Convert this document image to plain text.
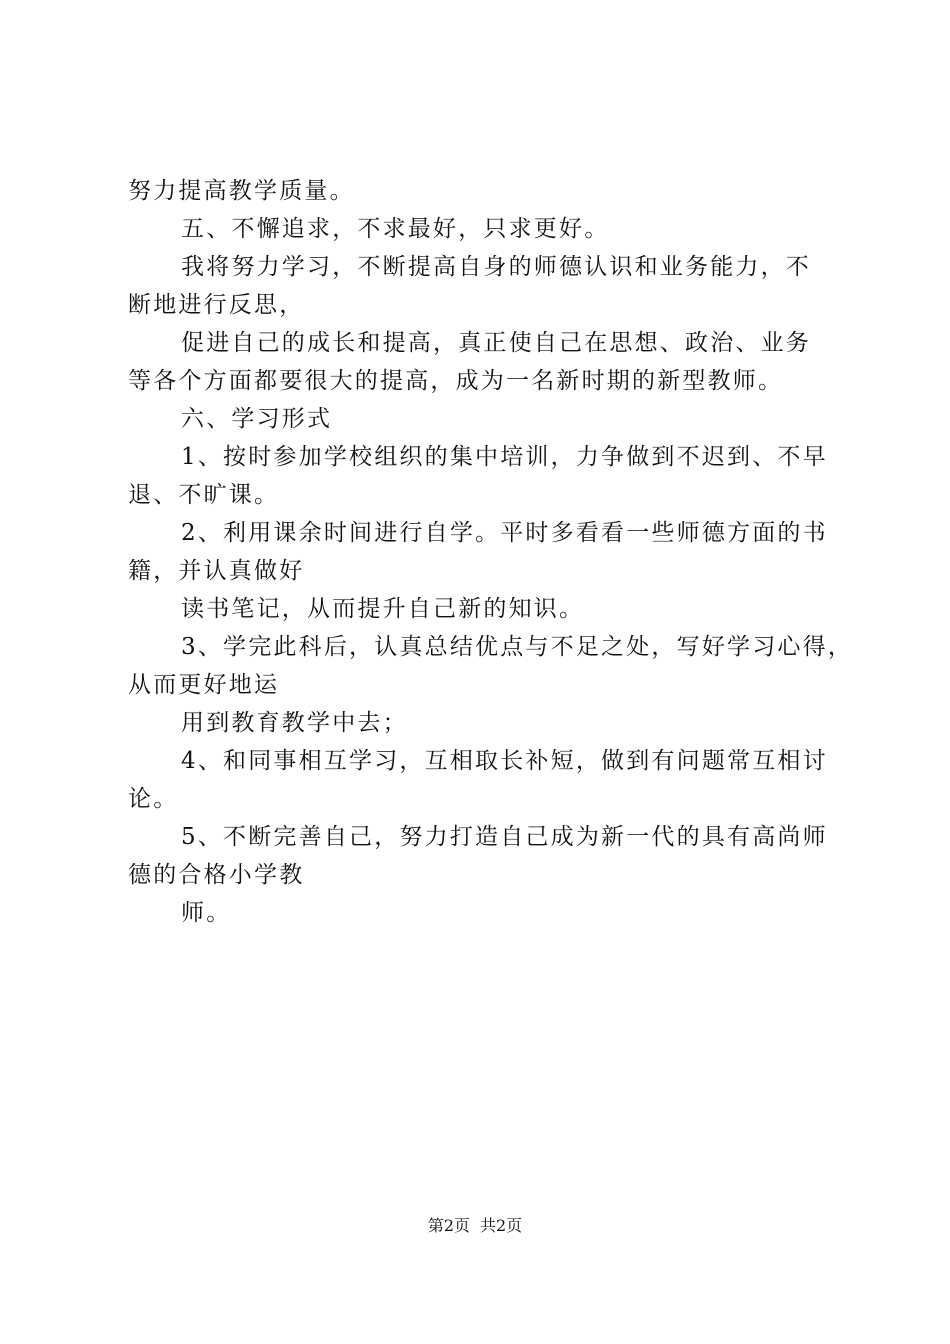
努力提高教学质量。
五、不懈追求，不求最好，只求更好。
我将努力学习，不断提高自身的师德认识和业务能力，不
断地进行反思，
促进自己的成长和提高，真正使自己在思想、政治、业务
等各个方面都要很大的提高，成为一名新时期的新型教师。
六、学习形式
1、按时参加学校组织的集中培训，力争做到不迟到、不早
退、不旷课。
2、利用课余时间进行自学。平时多看看一些师德方面的书
籍，并认真做好
读书笔记，从而提升自己新的知识。
3、学完此科后，认真总结优点与不足之处，写好学习心得，
从而更好地运
用到教育教学中去；
4、和同事相互学习，互相取长补短，做到有问题常互相讨
论。
5、不断完善自己，努力打造自己成为新一代的具有高尚师
德的合格小学教
师。
第2页 共2页
